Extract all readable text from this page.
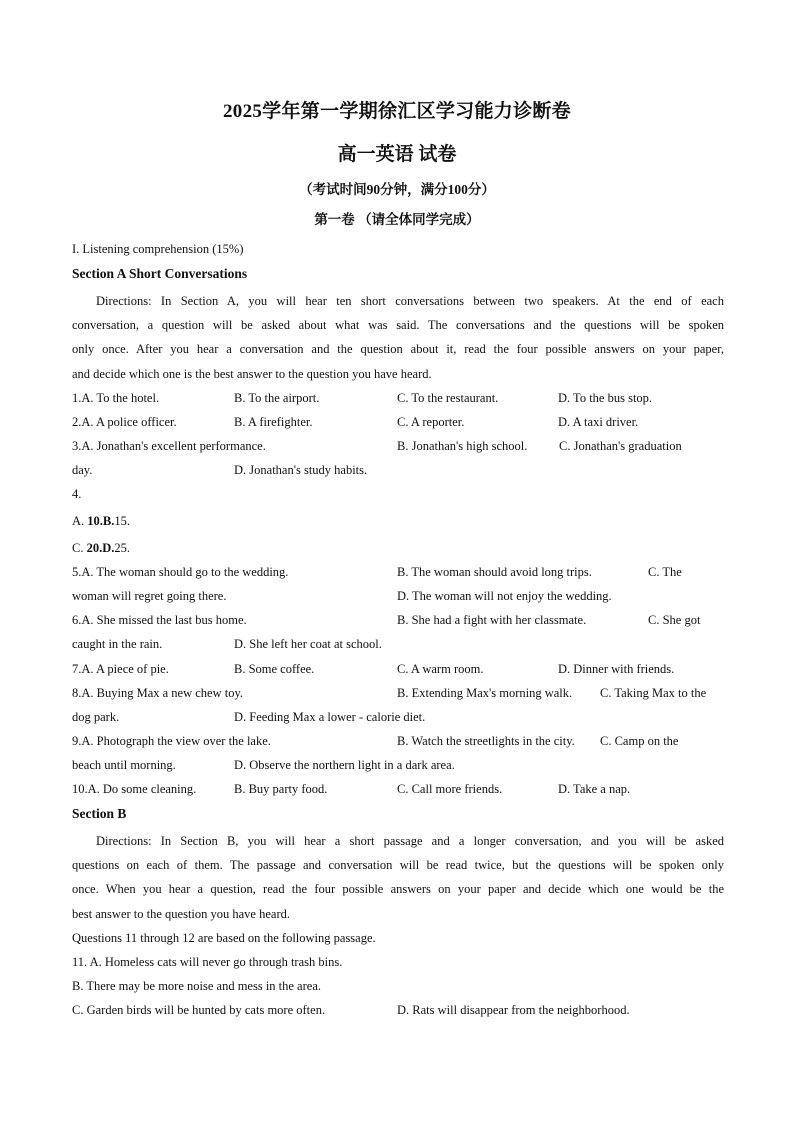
2025学年第一学期徐汇区学习能力诊断卷
高一英语 试卷
（考试时间90分钟，满分100分）
第一卷 （请全体同学完成）
I. Listening comprehension (15%)
Section A Short Conversations
Directions: In Section A, you will hear ten short conversations between two speakers. At the end of each
conversation, a question will be asked about what was said. The conversations and the questions will be spoken
only once. After you hear a conversation and the question about it, read the four possible answers on your paper,
and decide which one is the best answer to the question you have heard.
1.A. To the hotel.	B. To the airport.	C. To the restaurant.	D. To the bus stop.
2.A. A police officer.	B. A firefighter.	C. A reporter.	D. A taxi driver.
3.A. Jonathan's excellent performance.	B. Jonathan's high school.	C. Jonathan's graduation
day.	D. Jonathan's study habits.
4.
A. 10.B.15.
C. 20.D.25.
5.A. The woman should go to the wedding.	B. The woman should avoid long trips.	C. The
woman will regret going there.	D. The woman will not enjoy the wedding.
6.A. She missed the last bus home.	B. She had a fight with her classmate.	C. She got
caught in the rain.	D. She left her coat at school.
7.A. A piece of pie.	B. Some coffee.	C. A warm room.	D. Dinner with friends.
8.A. Buying Max a new chew toy.	B. Extending Max's morning walk. C. Taking Max to the
dog park.	D. Feeding Max a lower - calorie diet.
9.A. Photograph the view over the lake.	B. Watch the streetlights in the city. C. Camp on the
beach until morning.	D. Observe the northern light in a dark area.
10.A. Do some cleaning.	B. Buy party food.	C. Call more friends.	D. Take a nap.
Section B
Directions: In Section B, you will hear a short passage and a longer conversation, and you will be asked
questions on each of them. The passage and conversation will be read twice, but the questions will be spoken only
once. When you hear a question, read the four possible answers on your paper and decide which one would be the
best answer to the question you have heard.
Questions 11 through 12 are based on the following passage.
11. A. Homeless cats will never go through trash bins.
B. There may be more noise and mess in the area.
C. Garden birds will be hunted by cats more often.	D. Rats will disappear from the neighborhood.
